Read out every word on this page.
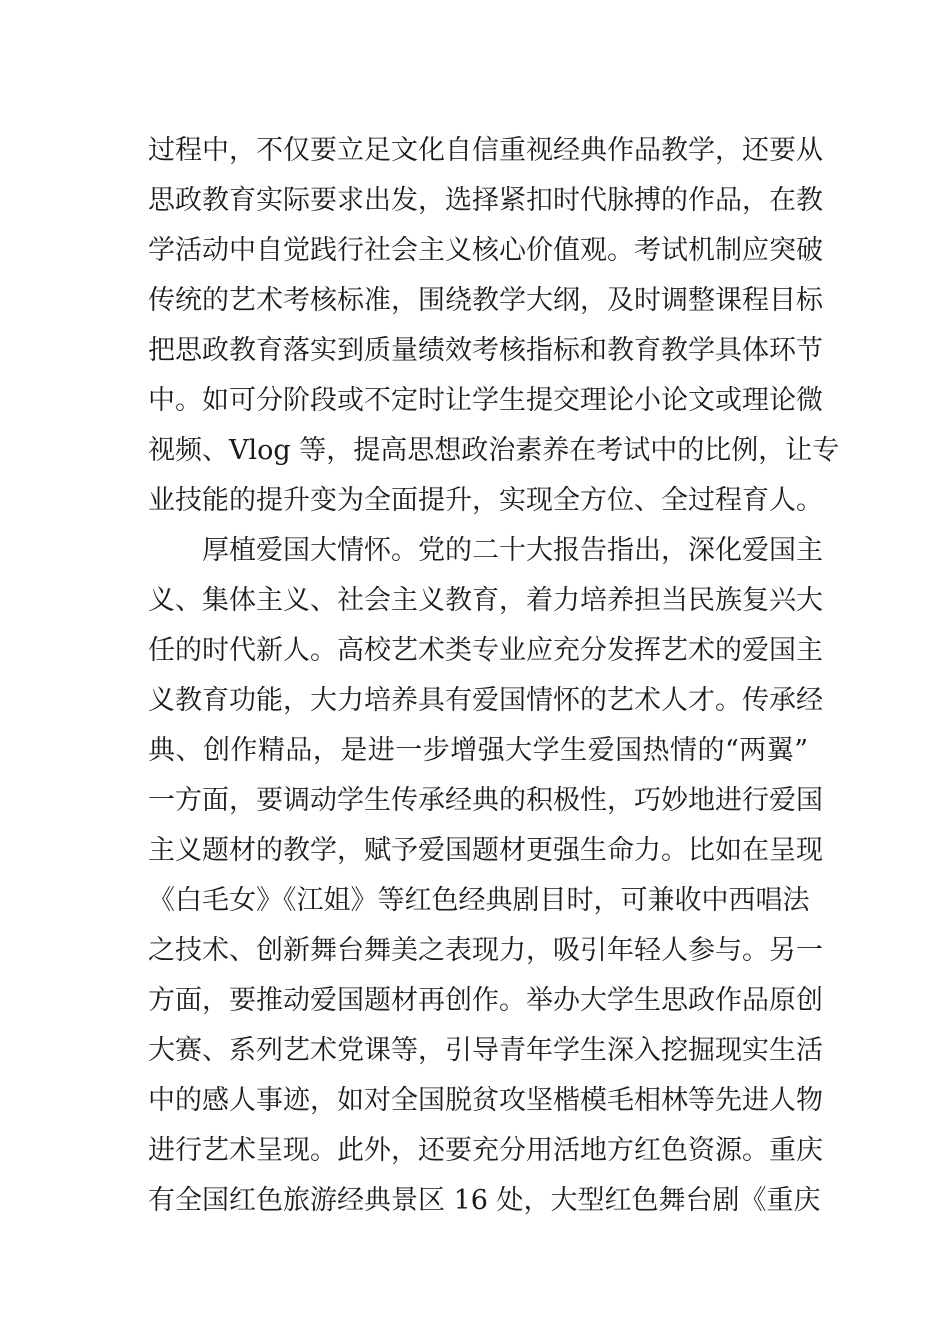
过程中，不仅要立足文化自信重视经典作品教学，还要从
思政教育实际要求出发，选择紧扣时代脉搏的作品，在教
学活动中自觉践行社会主义核心价值观。考试机制应突破
传统的艺术考核标准，围绕教学大纲，及时调整课程目标
把思政教育落实到质量绩效考核指标和教育教学具体环节
中。如可分阶段或不定时让学生提交理论小论文或理论微
视频、Vlog 等，提高思想政治素养在考试中的比例，让专
业技能的提升变为全面提升，实现全方位、全过程育人。
厚植爱国大情怀。党的二十大报告指出，深化爱国主
义、集体主义、社会主义教育，着力培养担当民族复兴大
任的时代新人。高校艺术类专业应充分发挥艺术的爱国主
义教育功能，大力培养具有爱国情怀的艺术人才。传承经
典、创作精品，是进一步增强大学生爱国热情的“两翼”
一方面，要调动学生传承经典的积极性，巧妙地进行爱国
主义题材的教学，赋予爱国题材更强生命力。比如在呈现
《白毛女》《江姐》等红色经典剧目时，可兼收中西唱法
之技术、创新舞台舞美之表现力，吸引年轻人参与。另一
方面，要推动爱国题材再创作。举办大学生思政作品原创
大赛、系列艺术党课等，引导青年学生深入挖掘现实生活
中的感人事迹，如对全国脱贫攻坚楷模毛相林等先进人物
进行艺术呈现。此外，还要充分用活地方红色资源。重庆
有全国红色旅游经典景区 16 处，大型红色舞台剧《重庆
